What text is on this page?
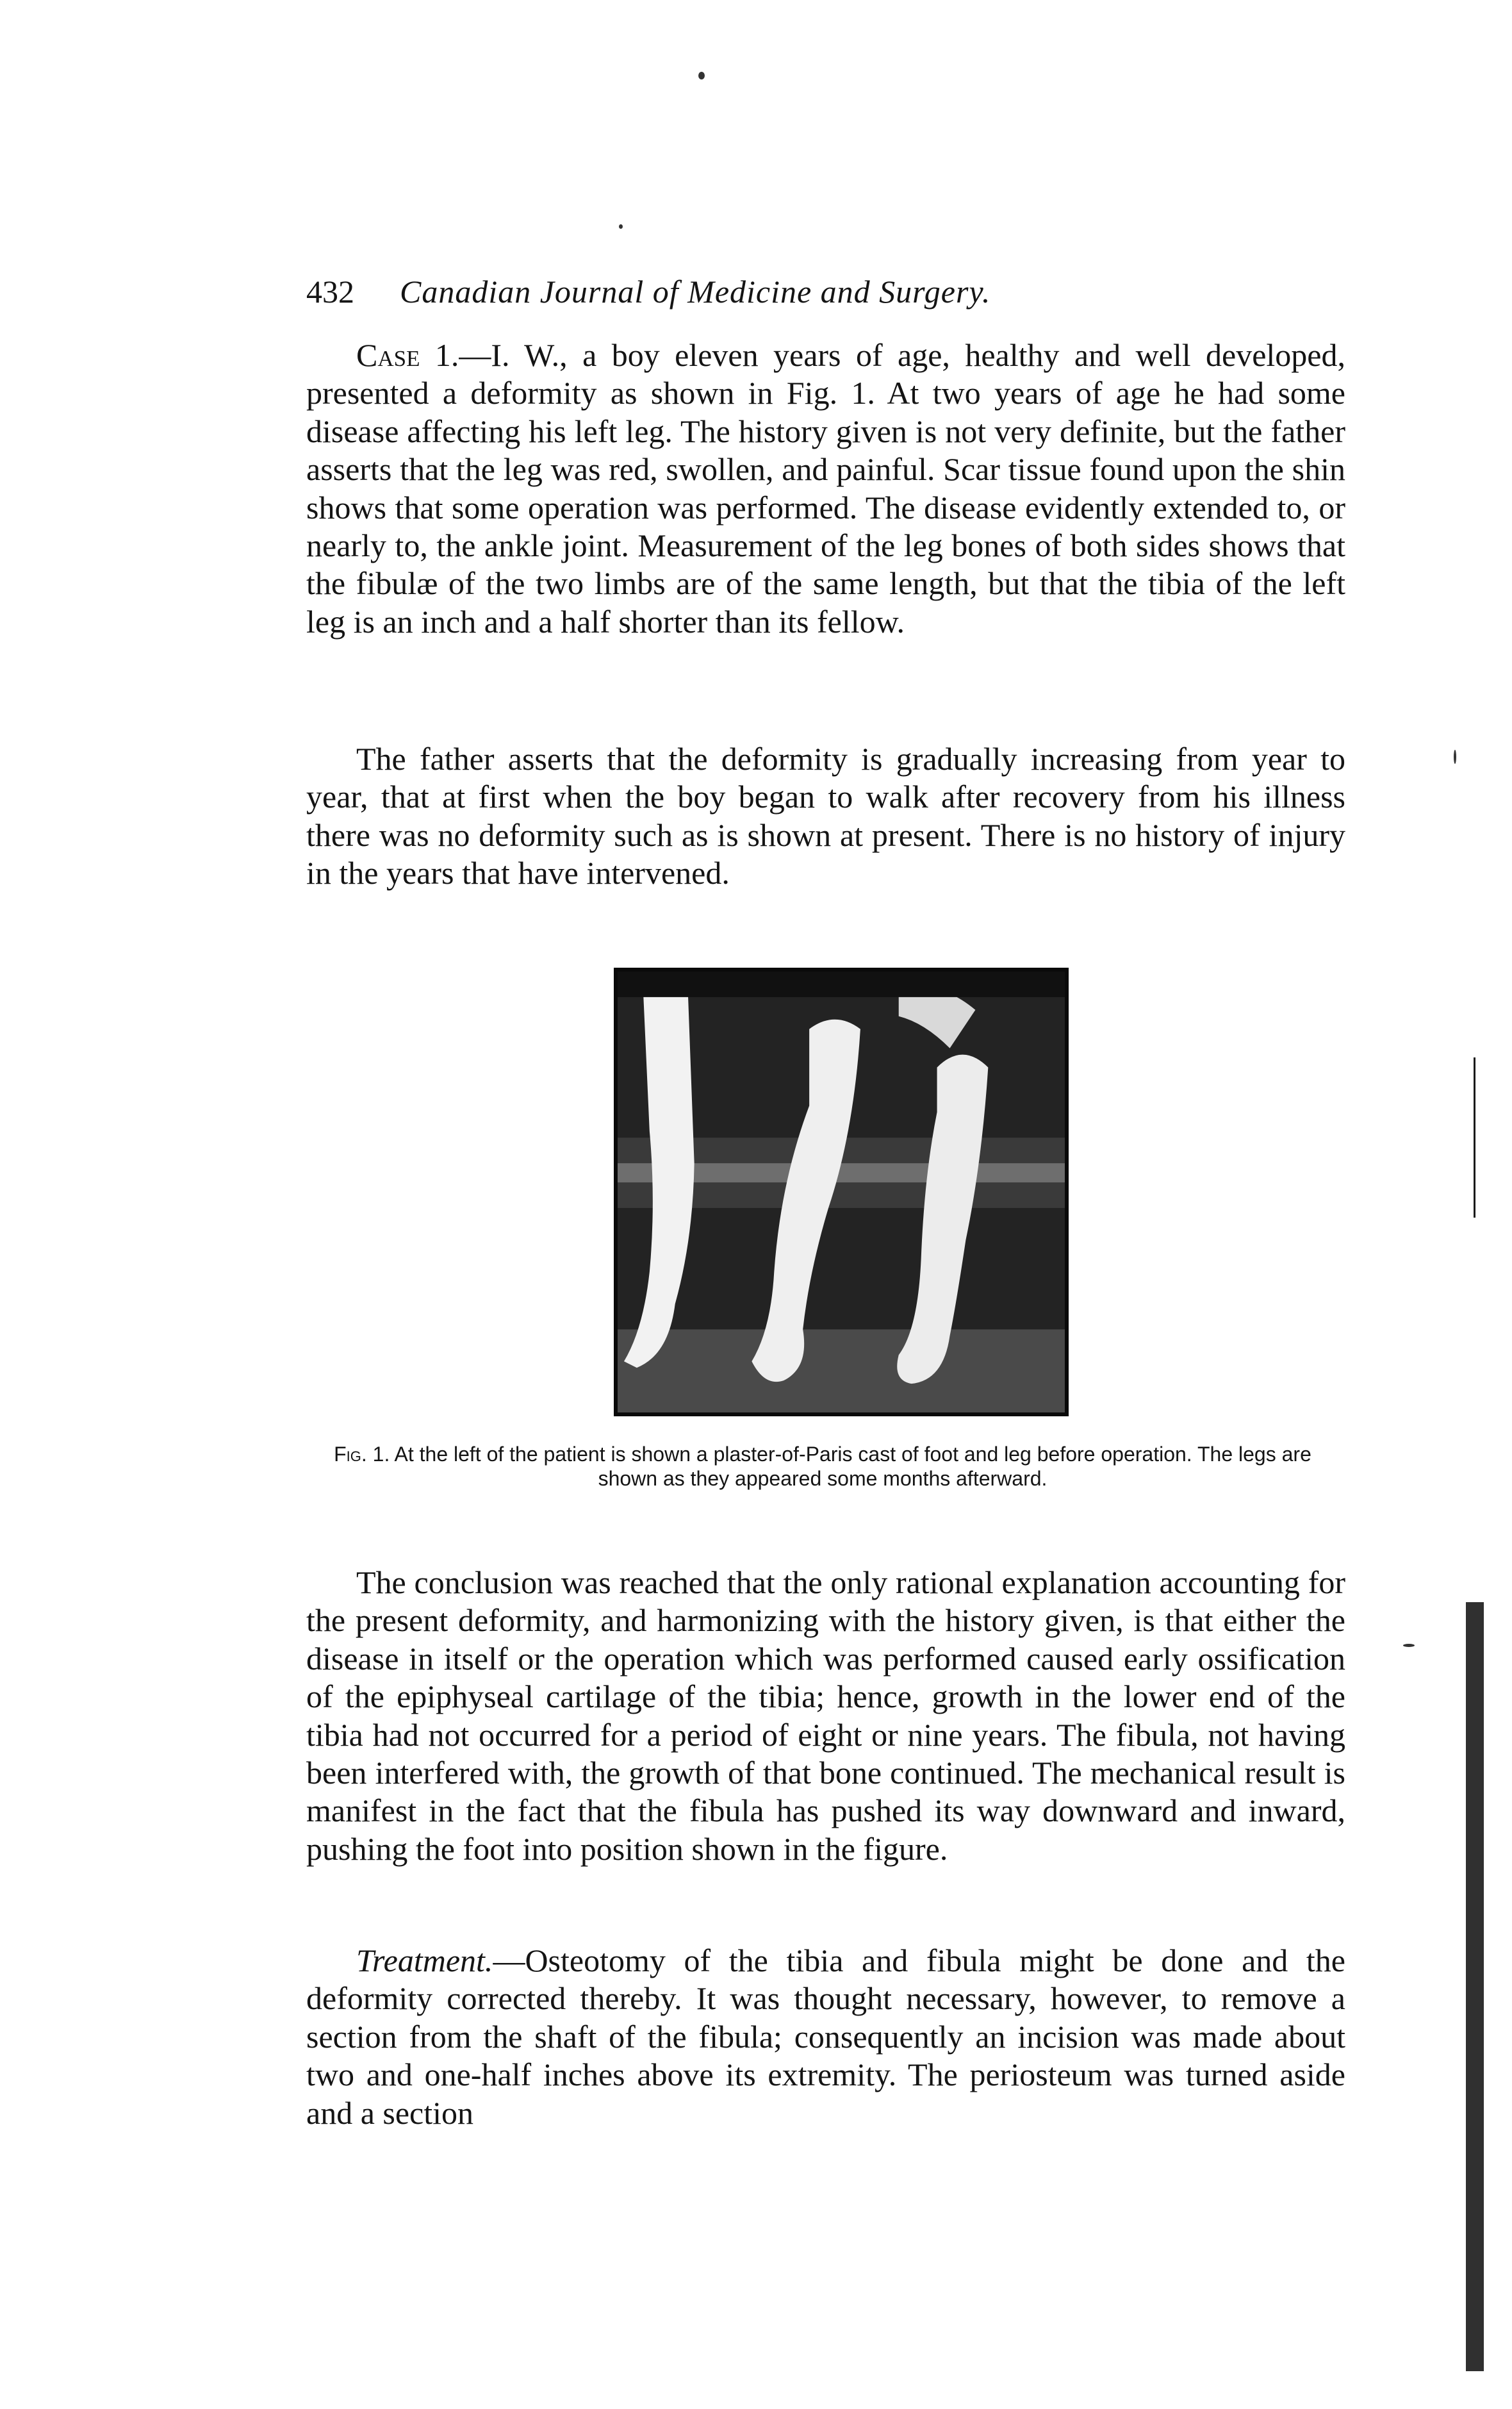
432 Canadian Journal of Medicine and Surgery.

Case 1.—I. W., a boy eleven years of age, healthy and well developed, presented a deformity as shown in Fig. 1. At two years of age he had some disease affecting his left leg. The history given is not very definite, but the father asserts that the leg was red, swollen, and painful. Scar tissue found upon the shin shows that some operation was performed. The disease evidently extended to, or nearly to, the ankle joint. Measurement of the leg bones of both sides shows that the fibulæ of the two limbs are of the same length, but that the tibia of the left leg is an inch and a half shorter than its fellow.

The father asserts that the deformity is gradually increasing from year to year, that at first when the boy began to walk after recovery from his illness there was no deformity such as is shown at present. There is no history of injury in the years that have intervened.

Fig. 1. At the left of the patient is shown a plaster-of-Paris cast of foot and leg before operation. The legs are shown as they appeared some months afterward.

The conclusion was reached that the only rational explanation accounting for the present deformity, and harmonizing with the history given, is that either the disease in itself or the operation which was performed caused early ossification of the epiphyseal cartilage of the tibia; hence, growth in the lower end of the tibia had not occurred for a period of eight or nine years. The fibula, not having been interfered with, the growth of that bone continued. The mechanical result is manifest in the fact that the fibula has pushed its way downward and inward, pushing the foot into position shown in the figure.

Treatment.—Osteotomy of the tibia and fibula might be done and the deformity corrected thereby. It was thought necessary, however, to remove a section from the shaft of the fibula; consequently an incision was made about two and one-half inches above its extremity. The periosteum was turned aside and a section
